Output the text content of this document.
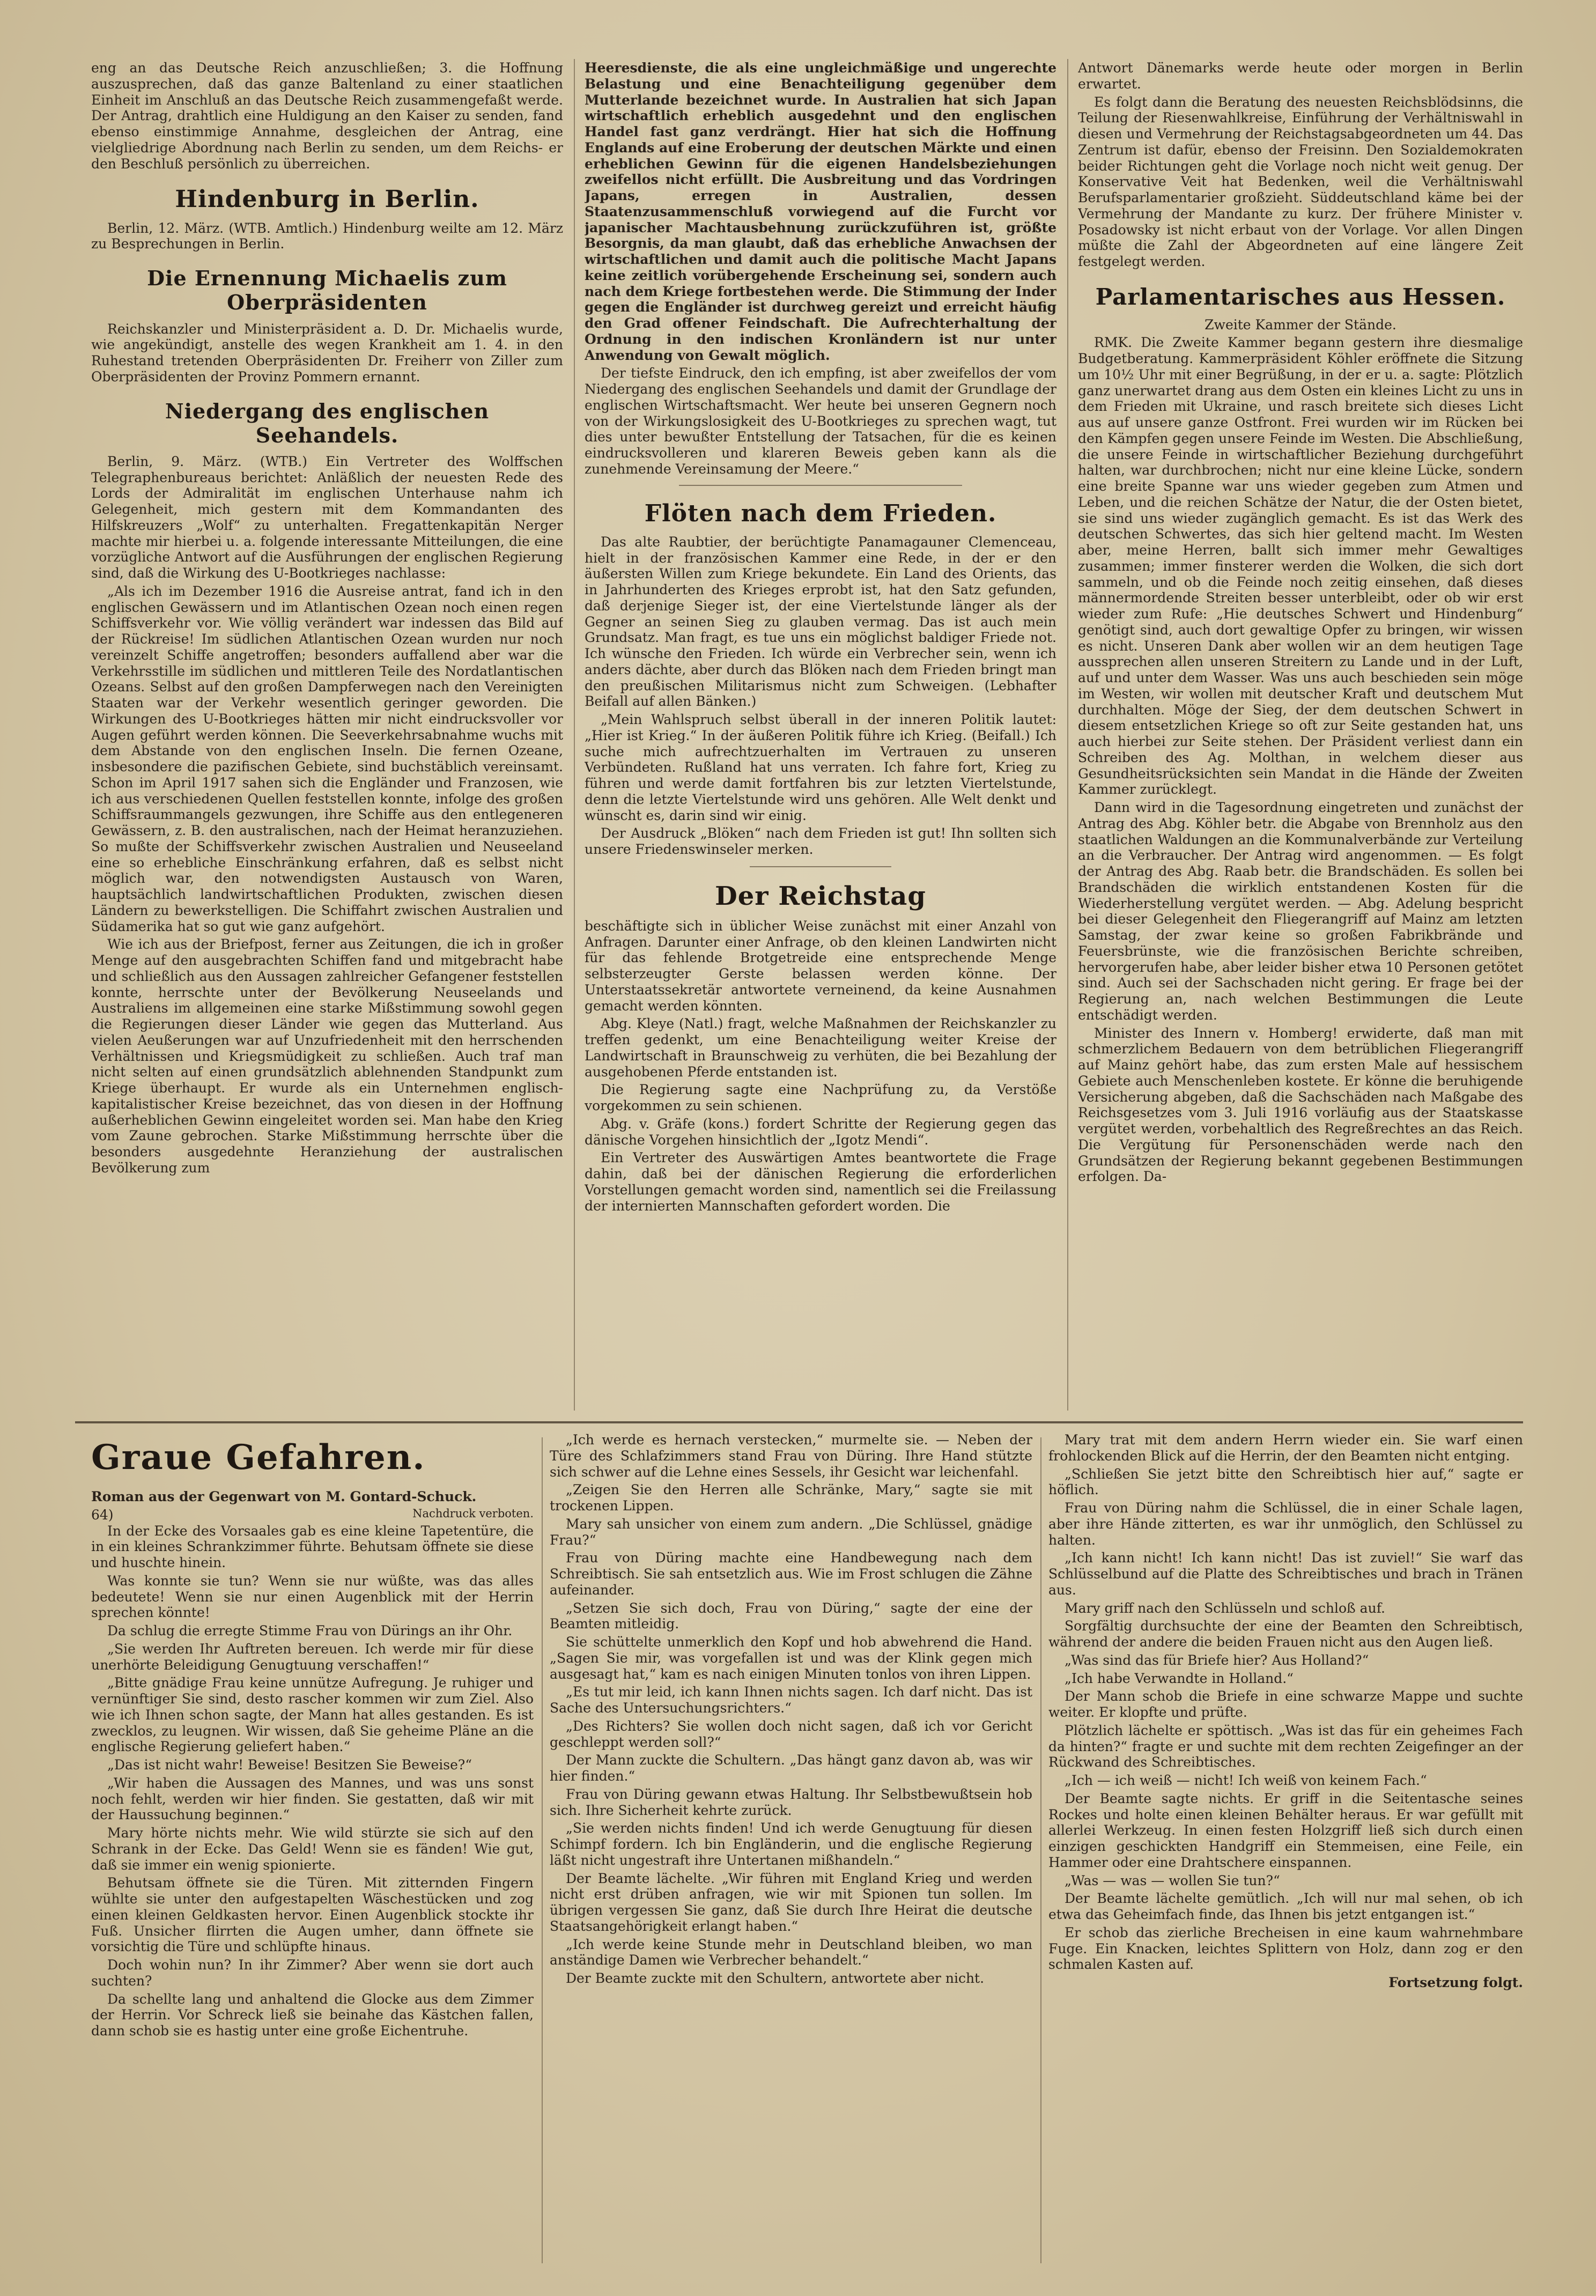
eng an das Deutsche Reich anzuschließen; 3. die Hoffnung auszusprechen, daß das ganze Baltenland zu einer staatlichen Einheit im Anschluß an das Deutsche Reich zusammengefaßt werde. Der Antrag, drahtlich eine Huldigung an den Kaiser zu senden, fand ebenso einstimmige Annahme, desgleichen der Antrag, eine vielgliedrige Abordnung nach Berlin zu senden, um dem Reichs- er den Beschluß persönlich zu überreichen.

Hindenburg in Berlin.

Berlin, 12. März. (WTB. Amtlich.) Hindenburg weilte am 12. März zu Besprechungen in Berlin.

Die Ernennung Michaelis zum Oberpräsidenten

Reichskanzler und Ministerpräsident a. D. Dr. Michaelis wurde, wie angekündigt, anstelle des wegen Krankheit am 1. 4. in den Ruhestand tretenden Oberpräsidenten Dr. Freiherr von Ziller zum Oberpräsidenten der Provinz Pommern ernannt.

Niedergang des englischen Seehandels.

Berlin, 9. März. (WTB.) Ein Vertreter des Wolffschen Telegraphenbureaus berichtet: Anläßlich der neuesten Rede des Lords der Admiralität im englischen Unterhause nahm ich Gelegenheit, mich gestern mit dem Kommandanten des Hilfskreuzers „Wolf“ zu unterhalten. Fregattenkapitän Nerger machte mir hierbei u. a. folgende interessante Mitteilungen, die eine vorzügliche Antwort auf die Ausführungen der englischen Regierung sind, daß die Wirkung des U-Bootkrieges nachlasse:

„Als ich im Dezember 1916 die Ausreise antrat, fand ich in den englischen Gewässern und im Atlantischen Ozean noch einen regen Schiffsverkehr vor. Wie völlig verändert war indessen das Bild auf der Rückreise! Im südlichen Atlantischen Ozean wurden nur noch vereinzelt Schiffe angetroffen; besonders auffallend aber war die Verkehrsstille im südlichen und mittleren Teile des Nordatlantischen Ozeans. Selbst auf den großen Dampferwegen nach den Vereinigten Staaten war der Verkehr wesentlich geringer geworden. Die Wirkungen des U-Bootkrieges hätten mir nicht eindrucksvoller vor Augen geführt werden können. Die Seeverkehrsabnahme wuchs mit dem Abstande von den englischen Inseln. Die fernen Ozeane, insbesondere die pazifischen Gebiete, sind buchstäblich vereinsamt. Schon im April 1917 sahen sich die Engländer und Franzosen, wie ich aus verschiedenen Quellen feststellen konnte, infolge des großen Schiffsraummangels gezwungen, ihre Schiffe aus den entlegeneren Gewässern, z. B. den australischen, nach der Heimat heranzuziehen. So mußte der Schiffsverkehr zwischen Australien und Neuseeland eine so erhebliche Einschränkung erfahren, daß es selbst nicht möglich war, den notwendigsten Austausch von Waren, hauptsächlich landwirtschaftlichen Produkten, zwischen diesen Ländern zu bewerkstelligen. Die Schiffahrt zwischen Australien und Südamerika hat so gut wie ganz aufgehört.

Wie ich aus der Briefpost, ferner aus Zeitungen, die ich in großer Menge auf den ausgebrachten Schiffen fand und mitgebracht habe und schließlich aus den Aussagen zahlreicher Gefangener feststellen konnte, herrschte unter der Bevölkerung Neuseelands und Australiens im allgemeinen eine starke Mißstimmung sowohl gegen die Regierungen dieser Länder wie gegen das Mutterland. Aus vielen Aeußerungen war auf Unzufriedenheit mit den herrschenden Verhältnissen und Kriegsmüdigkeit zu schließen. Auch traf man nicht selten auf einen grundsätzlich ablehnenden Standpunkt zum Kriege überhaupt. Er wurde als ein Unternehmen englisch-kapitalistischer Kreise bezeichnet, das von diesen in der Hoffnung außerheblichen Gewinn eingeleitet worden sei. Man habe den Krieg vom Zaune gebrochen. Starke Mißstimmung herrschte über die besonders ausgedehnte Heranziehung der australischen Bevölkerung zum

Heeresdienste, die als eine ungleichmäßige und ungerechte Belastung und eine Benachteiligung gegenüber dem Mutterlande bezeichnet wurde. In Australien hat sich Japan wirtschaftlich erheblich ausgedehnt und den englischen Handel fast ganz verdrängt. Hier hat sich die Hoffnung Englands auf eine Eroberung der deutschen Märkte und einen erheblichen Gewinn für die eigenen Handelsbeziehungen zweifellos nicht erfüllt. Die Ausbreitung und das Vordringen Japans, erregen in Australien, dessen Staatenzusammenschluß vorwiegend auf die Furcht vor japanischer Machtausbehnung zurückzuführen ist, größte Besorgnis, da man glaubt, daß das erhebliche Anwachsen der wirtschaftlichen und damit auch die politische Macht Japans keine zeitlich vorübergehende Erscheinung sei, sondern auch nach dem Kriege fortbestehen werde. Die Stimmung der Inder gegen die Engländer ist durchweg gereizt und erreicht häufig den Grad offener Feindschaft. Die Aufrechterhaltung der Ordnung in den indischen Kronländern ist nur unter Anwendung von Gewalt möglich.

Der tiefste Eindruck, den ich empfing, ist aber zweifellos der vom Niedergang des englischen Seehandels und damit der Grundlage der englischen Wirtschaftsmacht. Wer heute bei unseren Gegnern noch von der Wirkungslosigkeit des U-Bootkrieges zu sprechen wagt, tut dies unter bewußter Entstellung der Tatsachen, für die es keinen eindrucksvolleren und klareren Beweis geben kann als die zunehmende Vereinsamung der Meere.“

Flöten nach dem Frieden.

Das alte Raubtier, der berüchtigte Panamagauner Clemenceau, hielt in der französischen Kammer eine Rede, in der er den äußersten Willen zum Kriege bekundete. Ein Land des Orients, das in Jahrhunderten des Krieges erprobt ist, hat den Satz gefunden, daß derjenige Sieger ist, der eine Viertelstunde länger als der Gegner an seinen Sieg zu glauben vermag. Das ist auch mein Grundsatz. Man fragt, es tue uns ein möglichst baldiger Friede not. Ich wünsche den Frieden. Ich würde ein Verbrecher sein, wenn ich anders dächte, aber durch das Blöken nach dem Frieden bringt man den preußischen Militarismus nicht zum Schweigen. (Lebhafter Beifall auf allen Bänken.)

„Mein Wahlspruch selbst überall in der inneren Politik lautet: „Hier ist Krieg.“ In der äußeren Politik führe ich Krieg. (Beifall.) Ich suche mich aufrechtzuerhalten im Vertrauen zu unseren Verbündeten. Rußland hat uns verraten. Ich fahre fort, Krieg zu führen und werde damit fortfahren bis zur letzten Viertelstunde, denn die letzte Viertelstunde wird uns gehören. Alle Welt denkt und wünscht es, darin sind wir einig.

Der Ausdruck „Blöken“ nach dem Frieden ist gut! Ihn sollten sich unsere Friedenswinseler merken.

Der Reichstag

beschäftigte sich in üblicher Weise zunächst mit einer Anzahl von Anfragen. Darunter einer Anfrage, ob den kleinen Landwirten nicht für das fehlende Brotgetreide eine entsprechende Menge selbsterzeugter Gerste belassen werden könne. Der Unterstaatssekretär antwortete verneinend, da keine Ausnahmen gemacht werden könnten.

Abg. Kleye (Natl.) fragt, welche Maßnahmen der Reichskanzler zu treffen gedenkt, um eine Benachteiligung weiter Kreise der Landwirtschaft in Braunschweig zu verhüten, die bei Bezahlung der ausgehobenen Pferde entstanden ist.

Die Regierung sagte eine Nachprüfung zu, da Verstöße vorgekommen zu sein schienen.

Abg. v. Gräfe (kons.) fordert Schritte der Regierung gegen das dänische Vorgehen hinsichtlich der „Igotz Mendi“.

Ein Vertreter des Auswärtigen Amtes beantwortete die Frage dahin, daß bei der dänischen Regierung die erforderlichen Vorstellungen gemacht worden sind, namentlich sei die Freilassung der internierten Mannschaften gefordert worden. Die

Antwort Dänemarks werde heute oder morgen in Berlin erwartet.

Es folgt dann die Beratung des neuesten Reichsblödsinns, die Teilung der Riesenwahlkreise, Einführung der Verhältniswahl in diesen und Vermehrung der Reichstagsabgeordneten um 44. Das Zentrum ist dafür, ebenso der Freisinn. Den Sozialdemokraten beider Richtungen geht die Vorlage noch nicht weit genug. Der Konservative Veit hat Bedenken, weil die Verhältniswahl Berufsparlamentarier großzieht. Süddeutschland käme bei der Vermehrung der Mandante zu kurz. Der frühere Minister v. Posadowsky ist nicht erbaut von der Vorlage. Vor allen Dingen müßte die Zahl der Abgeordneten auf eine längere Zeit festgelegt werden.

Parlamentarisches aus Hessen.

Zweite Kammer der Stände.

RMK. Die Zweite Kammer begann gestern ihre diesmalige Budgetberatung. Kammerpräsident Köhler eröffnete die Sitzung um 10½ Uhr mit einer Begrüßung, in der er u. a. sagte: Plötzlich ganz unerwartet drang aus dem Osten ein kleines Licht zu uns in dem Frieden mit Ukraine, und rasch breitete sich dieses Licht aus auf unsere ganze Ostfront. Frei wurden wir im Rücken bei den Kämpfen gegen unsere Feinde im Westen. Die Abschließung, die unsere Feinde in wirtschaftlicher Beziehung durchgeführt halten, war durchbrochen; nicht nur eine kleine Lücke, sondern eine breite Spanne war uns wieder gegeben zum Atmen und Leben, und die reichen Schätze der Natur, die der Osten bietet, sie sind uns wieder zugänglich gemacht. Es ist das Werk des deutschen Schwertes, das sich hier geltend macht. Im Westen aber, meine Herren, ballt sich immer mehr Gewaltiges zusammen; immer finsterer werden die Wolken, die sich dort sammeln, und ob die Feinde noch zeitig einsehen, daß dieses männermordende Streiten besser unterbleibt, oder ob wir erst wieder zum Rufe: „Hie deutsches Schwert und Hindenburg“ genötigt sind, auch dort gewaltige Opfer zu bringen, wir wissen es nicht. Unseren Dank aber wollen wir an dem heutigen Tage aussprechen allen unseren Streitern zu Lande und in der Luft, auf und unter dem Wasser. Was uns auch beschieden sein möge im Westen, wir wollen mit deutscher Kraft und deutschem Mut durchhalten. Möge der Sieg, der dem deutschen Schwert in diesem entsetzlichen Kriege so oft zur Seite gestanden hat, uns auch hierbei zur Seite stehen. Der Präsident verliest dann ein Schreiben des Ag. Molthan, in welchem dieser aus Gesundheitsrücksichten sein Mandat in die Hände der Zweiten Kammer zurücklegt.

Dann wird in die Tagesordnung eingetreten und zunächst der Antrag des Abg. Köhler betr. die Abgabe von Brennholz aus den staatlichen Waldungen an die Kommunalverbände zur Verteilung an die Verbraucher. Der Antrag wird angenommen. — Es folgt der Antrag des Abg. Raab betr. die Brandschäden. Es sollen bei Brandschäden die wirklich entstandenen Kosten für die Wiederherstellung vergütet werden. — Abg. Adelung bespricht bei dieser Gelegenheit den Fliegerangriff auf Mainz am letzten Samstag, der zwar keine so großen Fabrikbrände und Feuersbrünste, wie die französischen Berichte schreiben, hervorgerufen habe, aber leider bisher etwa 10 Personen getötet sind. Auch sei der Sachschaden nicht gering. Er frage bei der Regierung an, nach welchen Bestimmungen die Leute entschädigt werden.

Minister des Innern v. Homberg! erwiderte, daß man mit schmerzlichem Bedauern von dem betrüblichen Fliegerangriff auf Mainz gehört habe, das zum ersten Male auf hessischem Gebiete auch Menschenleben kostete. Er könne die beruhigende Versicherung abgeben, daß die Sachschäden nach Maßgabe des Reichsgesetzes vom 3. Juli 1916 vorläufig aus der Staatskasse vergütet werden, vorbehaltlich des Regreßrechtes an das Reich. Die Vergütung für Personenschäden werde nach den Grundsätzen der Regierung bekannt gegebenen Bestimmungen erfolgen. Da-

Graue Gefahren.

Roman aus der Gegenwart von M. Gontard-Schuck.

64)	Nachdruck verboten.

In der Ecke des Vorsaales gab es eine kleine Tapetentüre, die in ein kleines Schrankzimmer führte. Behutsam öffnete sie diese und huschte hinein.

Was konnte sie tun? Wenn sie nur wüßte, was das alles bedeutete! Wenn sie nur einen Augenblick mit der Herrin sprechen könnte!

Da schlug die erregte Stimme Frau von Dürings an ihr Ohr.

„Sie werden Ihr Auftreten bereuen. Ich werde mir für diese unerhörte Beleidigung Genugtuung verschaffen!“

„Bitte gnädige Frau keine unnütze Aufregung. Je ruhiger und vernünftiger Sie sind, desto rascher kommen wir zum Ziel. Also wie ich Ihnen schon sagte, der Mann hat alles gestanden. Es ist zwecklos, zu leugnen. Wir wissen, daß Sie geheime Pläne an die englische Regierung geliefert haben.“

„Das ist nicht wahr! Beweise! Besitzen Sie Beweise?“

„Wir haben die Aussagen des Mannes, und was uns sonst noch fehlt, werden wir hier finden. Sie gestatten, daß wir mit der Haussuchung beginnen.“

Mary hörte nichts mehr. Wie wild stürzte sie sich auf den Schrank in der Ecke. Das Geld! Wenn sie es fänden! Wie gut, daß sie immer ein wenig spionierte.

Behutsam öffnete sie die Türen. Mit zitternden Fingern wühlte sie unter den aufgestapelten Wäschestücken und zog einen kleinen Geldkasten hervor. Einen Augenblick stockte ihr Fuß. Unsicher flirrten die Augen umher, dann öffnete sie vorsichtig die Türe und schlüpfte hinaus.

Doch wohin nun? In ihr Zimmer? Aber wenn sie dort auch suchten?

Da schellte lang und anhaltend die Glocke aus dem Zimmer der Herrin. Vor Schreck ließ sie beinahe das Kästchen fallen, dann schob sie es hastig unter eine große Eichentruhe.

„Ich werde es hernach verstecken,“ murmelte sie. — Neben der Türe des Schlafzimmers stand Frau von Düring. Ihre Hand stützte sich schwer auf die Lehne eines Sessels, ihr Gesicht war leichenfahl.

„Zeigen Sie den Herren alle Schränke, Mary,“ sagte sie mit trockenen Lippen.

Mary sah unsicher von einem zum andern. „Die Schlüssel, gnädige Frau?“

Frau von Düring machte eine Handbewegung nach dem Schreibtisch. Sie sah entsetzlich aus. Wie im Frost schlugen die Zähne aufeinander.

„Setzen Sie sich doch, Frau von Düring,“ sagte der eine der Beamten mitleidig.

Sie schüttelte unmerklich den Kopf und hob abwehrend die Hand. „Sagen Sie mir, was vorgefallen ist und was der Klink gegen mich ausgesagt hat,“ kam es nach einigen Minuten tonlos von ihren Lippen.

„Es tut mir leid, ich kann Ihnen nichts sagen. Ich darf nicht. Das ist Sache des Untersuchungsrichters.“

„Des Richters? Sie wollen doch nicht sagen, daß ich vor Gericht geschleppt werden soll?“

Der Mann zuckte die Schultern. „Das hängt ganz davon ab, was wir hier finden.“

Frau von Düring gewann etwas Haltung. Ihr Selbstbewußtsein hob sich. Ihre Sicherheit kehrte zurück.

„Sie werden nichts finden! Und ich werde Genugtuung für diesen Schimpf fordern. Ich bin Engländerin, und die englische Regierung läßt nicht ungestraft ihre Untertanen mißhandeln.“

Der Beamte lächelte. „Wir führen mit England Krieg und werden nicht erst drüben anfragen, wie wir mit Spionen tun sollen. Im übrigen vergessen Sie ganz, daß Sie durch Ihre Heirat die deutsche Staatsangehörigkeit erlangt haben.“

„Ich werde keine Stunde mehr in Deutschland bleiben, wo man anständige Damen wie Verbrecher behandelt.“

Der Beamte zuckte mit den Schultern, antwortete aber nicht.

Mary trat mit dem andern Herrn wieder ein. Sie warf einen frohlockenden Blick auf die Herrin, der den Beamten nicht entging.

„Schließen Sie jetzt bitte den Schreibtisch hier auf,“ sagte er höflich.

Frau von Düring nahm die Schlüssel, die in einer Schale lagen, aber ihre Hände zitterten, es war ihr unmöglich, den Schlüssel zu halten.

„Ich kann nicht! Ich kann nicht! Das ist zuviel!“ Sie warf das Schlüsselbund auf die Platte des Schreibtisches und brach in Tränen aus.

Mary griff nach den Schlüsseln und schloß auf.

Sorgfältig durchsuchte der eine der Beamten den Schreibtisch, während der andere die beiden Frauen nicht aus den Augen ließ.

„Was sind das für Briefe hier? Aus Holland?“

„Ich habe Verwandte in Holland.“

Der Mann schob die Briefe in eine schwarze Mappe und suchte weiter. Er klopfte und prüfte.

Plötzlich lächelte er spöttisch. „Was ist das für ein geheimes Fach da hinten?“ fragte er und suchte mit dem rechten Zeigefinger an der Rückwand des Schreibtisches.

„Ich — ich weiß — nicht! Ich weiß von keinem Fach.“

Der Beamte sagte nichts. Er griff in die Seitentasche seines Rockes und holte einen kleinen Behälter heraus. Er war gefüllt mit allerlei Werkzeug. In einen festen Holzgriff ließ sich durch einen einzigen geschickten Handgriff ein Stemmeisen, eine Feile, ein Hammer oder eine Drahtschere einspannen.

„Was — was — wollen Sie tun?“

Der Beamte lächelte gemütlich. „Ich will nur mal sehen, ob ich etwa das Geheimfach finde, das Ihnen bis jetzt entgangen ist.“

Er schob das zierliche Brecheisen in eine kaum wahrnehmbare Fuge. Ein Knacken, leichtes Splittern von Holz, dann zog er den schmalen Kasten auf.

Fortsetzung folgt.
